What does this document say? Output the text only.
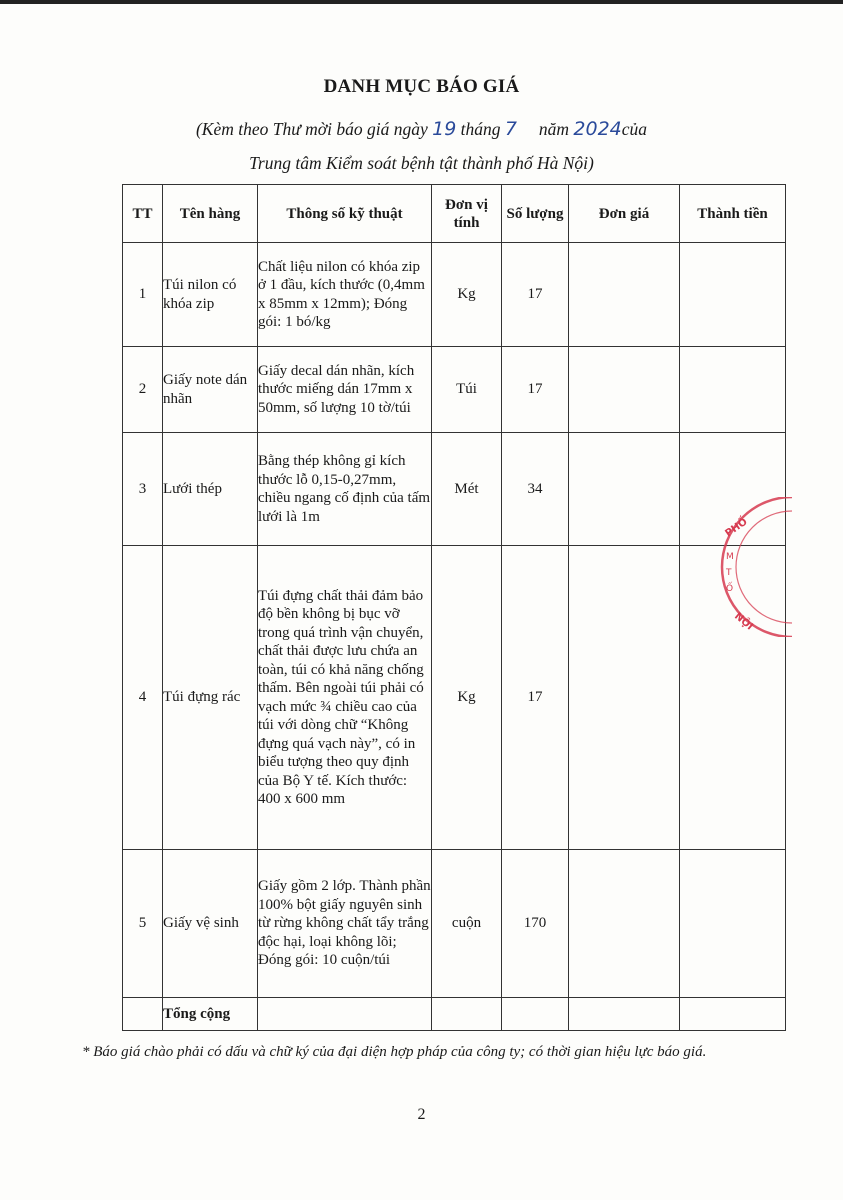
DANH MỤC BÁO GIÁ
(Kèm theo Thư mời báo giá ngày 19 tháng 7 năm 2024của
Trung tâm Kiểm soát bệnh tật thành phố Hà Nội)
TT	Tên hàng	Thông số kỹ thuật	Đơn vị tính	Số lượng	Đơn giá	Thành tiền
1	Túi nilon có khóa zip	Chất liệu nilon có khóa zip ở 1 đầu, kích thước (0,4mm x 85mm x 12mm); Đóng gói: 1 bó/kg	Kg	17		
2	Giấy note dán nhãn	Giấy decal dán nhãn, kích thước miếng dán 17mm x 50mm, số lượng 10 tờ/túi	Túi	17		
3	Lưới thép	Bằng thép không gỉ kích thước lỗ 0,15-0,27mm, chiều ngang cố định của tấm lưới là 1m	Mét	34		
4	Túi đựng rác	Túi đựng chất thải đảm bảo độ bền không bị bục vỡ trong quá trình vận chuyển, chất thải được lưu chứa an toàn, túi có khả năng chống thấm. Bên ngoài túi phải có vạch mức ¾ chiều cao của túi với dòng chữ “Không đựng quá vạch này”, có in biểu tượng theo quy định của Bộ Y tế. Kích thước: 400 x 600 mm	Kg	17		
5	Giấy vệ sinh	Giấy gồm 2 lớp. Thành phần 100% bột giấy nguyên sinh từ rừng không chất tẩy trắng độc hại, loại không lõi; Đóng gói: 10 cuộn/túi	cuộn	170		
	Tổng cộng					
PHỐ
M
T
Ố
NỘI
* Báo giá chào phải có dấu và chữ ký của đại diện hợp pháp của công ty; có thời gian hiệu lực báo giá.
2
